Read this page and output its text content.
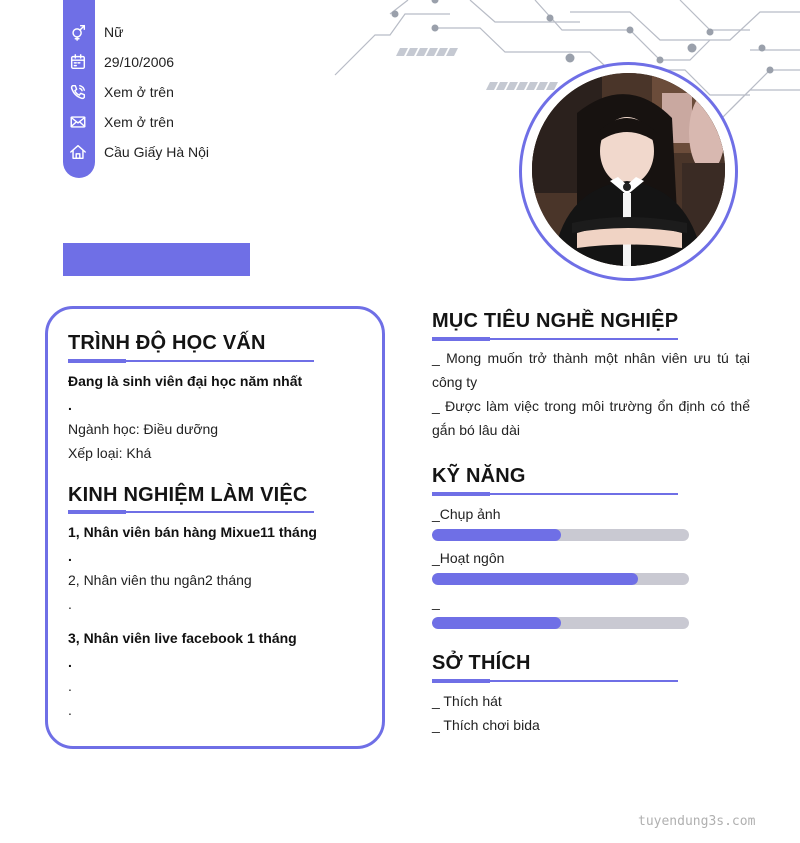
Nữ
29/10/2006
Xem ở trên
Xem ở trên
Cầu Giấy Hà Nội
TRÌNH ĐỘ HỌC VẤN
Đang là sinh viên đại học năm nhất
.
Ngành học: Điều dưỡng
Xếp loại: Khá
KINH NGHIỆM LÀM VIỆC
1, Nhân viên bán hàng Mixue11 tháng
.
2, Nhân viên thu ngân2 tháng
.
3, Nhân viên live facebook 1 tháng
.
.
.
MỤC TIÊU NGHỀ NGHIỆP
_ Mong muốn trở thành một nhân viên ưu tú tại công ty
_ Được làm việc trong môi trường ổn định có thể gắn bó lâu dài
KỸ NĂNG
_Chụp ảnh
_Hoạt ngôn
_
SỞ THÍCH
_ Thích hát
_ Thích chơi bida
tuyendung3s.com
